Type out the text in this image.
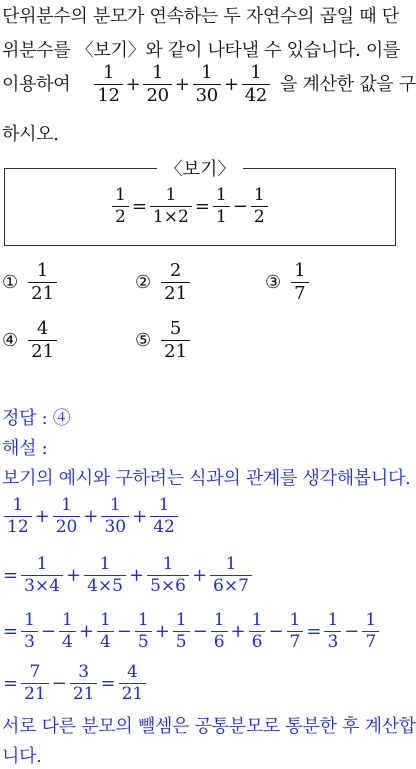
단위분수의 분모가 연속하는 두 자연수의 곱일 때 단
위분수를 〈보기〉와 같이 나타낼 수 있습니다. 이를
이용하여 $\frac{1}{12} + \frac{1}{20} + \frac{1}{30} + \frac{1}{42}$ 을 계산한 값을 구
하시오.
〈보기〉
$\frac{1}{2} = \frac{1}{1\times 2} = \frac{1}{1} - \frac{1}{2}$
① $\frac{1}{21}$	② $\frac{2}{21}$	③ $\frac{1}{7}$
④ $\frac{4}{21}$	⑤ $\frac{5}{21}$
정답 : ④
해설 :
보기의 예시와 구하려는 식과의 관계를 생각해봅니다.
$\frac{1}{12} + \frac{1}{20} + \frac{1}{30} + \frac{1}{42}$
= $\frac{1}{3\times 4} + \frac{1}{4\times 5} + \frac{1}{5\times 6} + \frac{1}{6\times 7}$
= $\frac{1}{3} - \frac{1}{4} + \frac{1}{4} - \frac{1}{5} + \frac{1}{5} - \frac{1}{6} + \frac{1}{6} - \frac{1}{7} = \frac{1}{3} - \frac{1}{7}$
= $\frac{7}{21} - \frac{3}{21} = \frac{4}{21}$
서로 다른 분모의 뺄셈은 공통분모로 통분한 후 계산합
니다.
